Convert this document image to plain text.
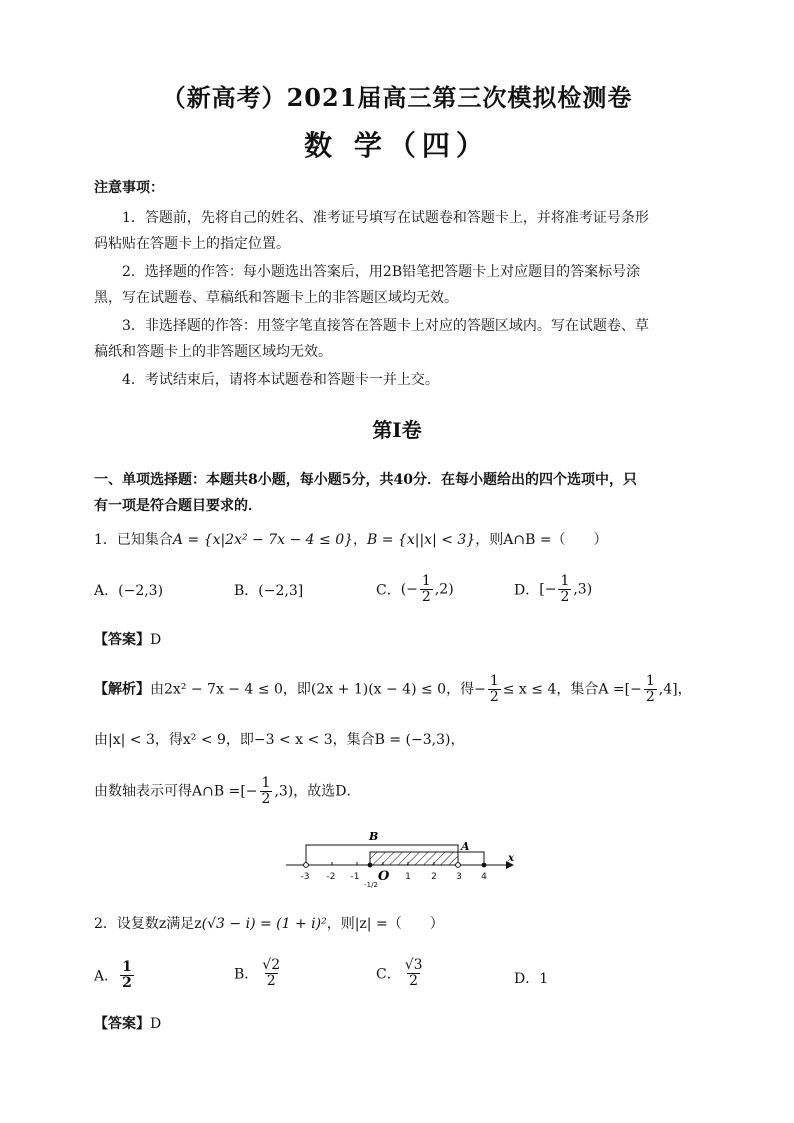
（新高考）2021届高三第三次模拟检测卷
数 学（四）
注意事项：
1．答题前，先将自己的姓名、准考证号填写在试题卷和答题卡上，并将准考证号条形
码粘贴在答题卡上的指定位置。
2．选择题的作答：每小题选出答案后，用2B铅笔把答题卡上对应题目的答案标号涂
黑，写在试题卷、草稿纸和答题卡上的非答题区域均无效。
3．非选择题的作答：用签字笔直接答在答题卡上对应的答题区域内。写在试题卷、草
稿纸和答题卡上的非答题区域均无效。
4．考试结束后，请将本试题卷和答题卡一并上交。
第Ⅰ卷
一、单项选择题：本题共8小题，每小题5分，共40分．在每小题给出的四个选项中，只
有一项是符合题目要求的．
1．已知集合A = {x|2x² − 7x − 4 ≤ 0}，B = {x||x| < 3}，则A∩B =（　　）
A．(−2,3)	B．(−2,3]	C．(− $\frac{1}{2} ,2$)	D．[− $\frac{1}{2} ,3$)
【答案】D
【解析】由2x² − 7x − 4 ≤ 0，即(2x + 1)(x − 4) ≤ 0，得− $\frac{1}{2} \le x \le 4$，集合A =[− $\frac{1}{2} ,4$]，
由|x| < 3，得x² < 9，即−3 < x < 3，集合B = (−3,3)，
由数轴表示可得A∩B =[− $\frac{1}{2} ,3$)，故选D．
B
A
x
O
-3 -2 -1	1 2 3 4
-1/2
2．设复数z满足z(√3 − i) = (1 + i)²，则|z| =（　　）
A． $\frac{1}{2}$	B． $\frac{√2}{2}$	C． $\frac{√3}{2}$	D．1
【答案】D
